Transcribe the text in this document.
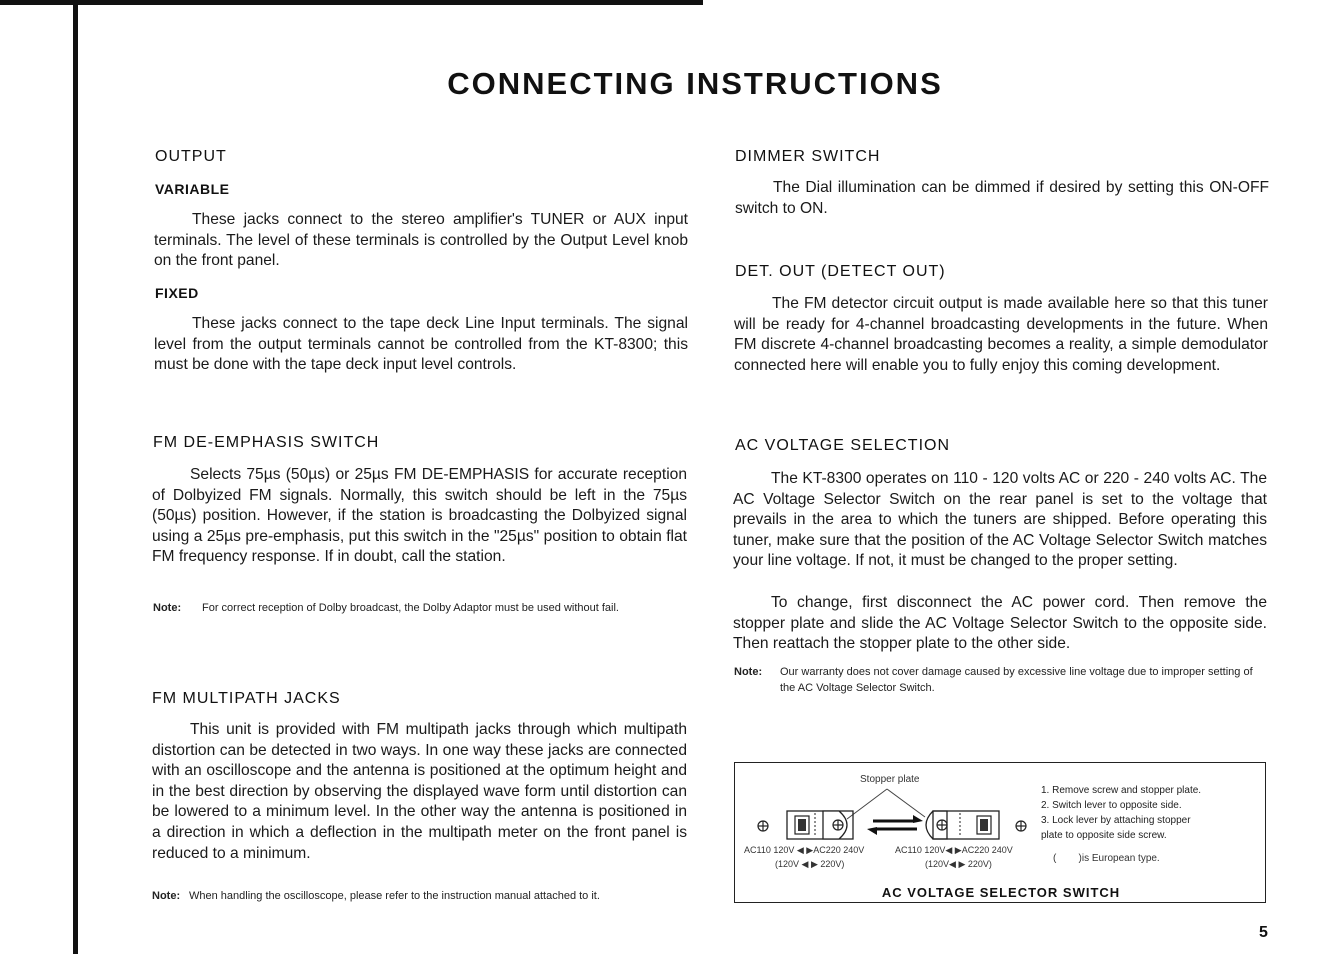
CONNECTING INSTRUCTIONS
OUTPUT
VARIABLE
These jacks connect to the stereo amplifier's TUNER or AUX input terminals. The level of these terminals is controlled by the Output Level knob on the front panel.
FIXED
These jacks connect to the tape deck Line Input terminals. The signal level from the output terminals cannot be controlled from the KT-8300; this must be done with the tape deck input level controls.
FM DE-EMPHASIS SWITCH
Selects 75µs (50µs) or 25µs FM DE-EMPHASIS for accurate reception of Dolbyized FM signals. Normally, this switch should be left in the 75µs (50µs) position. However, if the station is broadcasting the Dolbyized signal using a 25µs pre-emphasis, put this switch in the "25µs" position to obtain flat FM frequency response. If in doubt, call the station.
Note: For correct reception of Dolby broadcast, the Dolby Adaptor must be used without fail.
FM MULTIPATH JACKS
This unit is provided with FM multipath jacks through which multipath distortion can be detected in two ways. In one way these jacks are connected with an oscilloscope and the antenna is positioned at the optimum height and in the best direction by observing the displayed wave form until distortion can be lowered to a minimum level. In the other way the antenna is positioned in a direction in which a deflection in the multipath meter on the front panel is reduced to a minimum.
Note: When handling the oscilloscope, please refer to the instruction manual attached to it.
DIMMER SWITCH
The Dial illumination can be dimmed if desired by setting this ON-OFF switch to ON.
DET. OUT (DETECT OUT)
The FM detector circuit output is made available here so that this tuner will be ready for 4-channel broadcasting developments in the future. When FM discrete 4-channel broadcasting becomes a reality, a simple demodulator connected here will enable you to fully enjoy this coming development.
AC VOLTAGE SELECTION
The KT-8300 operates on 110 - 120 volts AC or 220 - 240 volts AC. The AC Voltage Selector Switch on the rear panel is set to the voltage that prevails in the area to which the tuners are shipped. Before operating this tuner, make sure that the position of the AC Voltage Selector Switch matches your line voltage. If not, it must be changed to the proper setting.
To change, first disconnect the AC power cord. Then remove the stopper plate and slide the AC Voltage Selector Switch to the opposite side. Then reattach the stopper plate to the other side.
Note: Our warranty does not cover damage caused by excessive line voltage due to improper setting of the AC Voltage Selector Switch.
Stopper plate
AC110 120V ◀ ▶AC220 240V
(120V ◀ ▶ 220V)
AC110 120V◀ ▶AC220 240V
(120V◀ ▶ 220V)
1. Remove screw and stopper plate.
2. Switch lever to opposite side.
3. Lock lever by attaching stopper
plate to opposite side screw.
(        )is European type.
AC VOLTAGE SELECTOR SWITCH
5
